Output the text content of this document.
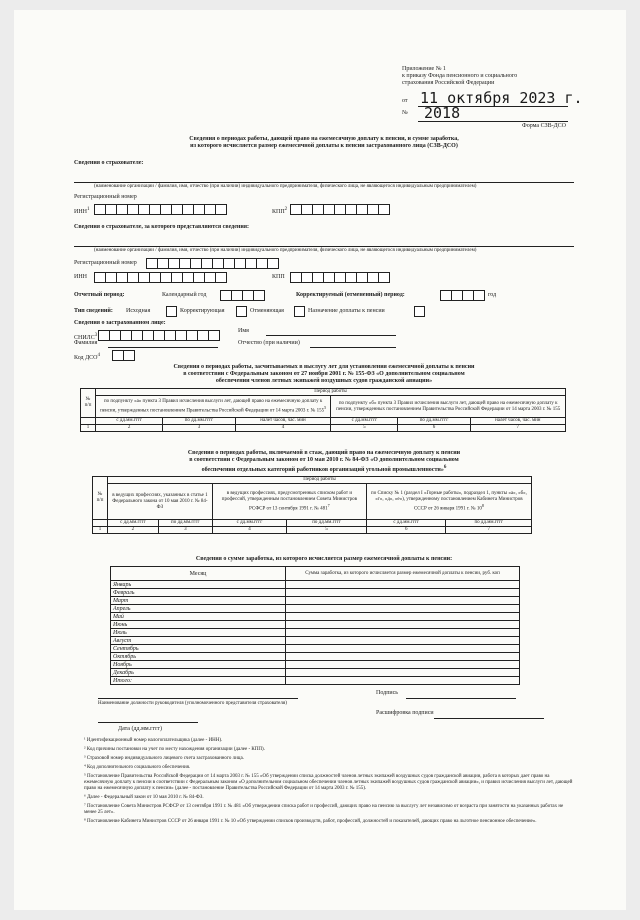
Приложение № 1
к приказу Фонда пенсионного и социального
страхования Российской Федерации
от 11 октября 2023 г.
№ 2018
Форма СЗВ-ДСО
Сведения о периодах работы, дающей право на ежемесячную доплату к пенсии, и сумме заработка,
из которого исчисляется размер ежемесячной доплаты к пенсии застрахованного лица (СЗВ-ДСО)
Сведения о страхователе:
(наименование организации / фамилия, имя, отчество (при наличии) индивидуального предпринимателя, физического лица, не являющегося индивидуальным предпринимателем)
Регистрационный номер
ИНН$^1$	КПП$^2$
Сведения о страхователе, за которого представляются сведения:
(наименование организации / фамилия, имя, отчество (при наличии) индивидуального предпринимателя, физического лица, не являющегося индивидуальным предпринимателем)
Регистрационный номер
ИНН	КПП
Отчетный период:	Календарный год	Корректируемый (отмененный) период:	год
Тип сведений: Исходная	Корректирующая	Отменяющая	Назначение доплаты к пенсии
Сведения о застрахованном лице:
СНИЛС$^3$
Имя
Фамилия	Отчество (при наличии)
Код ДСО$^4$
Сведения о периодах работы, засчитываемых в выслугу лет для установления ежемесячной доплаты к пенсии
в соответствии с Федеральным законом от 27 ноября 2001 г. № 155-ФЗ «О дополнительном социальном
обеспечении членов летных экипажей воздушных судов гражданской авиации»
№ п/п	Период работы					
	по подпункту «а» пункта 3 Правил исчисления выслуги лет, дающей право на ежемесячную доплату к пенсии, утвержденных постановлением Правительства Российской Федерации от 14 марта 2003 г. № $155^5$			по подпункту «б» пункта 3 Правил исчисления выслуги лет, дающей право на ежемесячную доплату к пенсии, утвержденных постановлением Правительства Российской Федерации от 14 марта 2003 г. № 155		
	с дд.мм.гггг	по дд.мм.гггг	налет часов, час. мин	с дд.мм.гггг	по дд.мм.гггг	налет часов, час. мин
1	2	3	4	5	6	7
Сведения о периодах работы, включаемой в стаж, дающий право на ежемесячную доплату к пенсии
в соответствии с Федеральным законом от 10 мая 2010 г. № 84-ФЗ «О дополнительном социальном
обеспечении отдельных категорий работников организаций угольной промышленности»$^6$
№ п/п	Период работы					
	в ведущих профессиях, указанных в статье 1 Федерального закона от 10 мая 2010 г. № 84-ФЗ		в ведущих профессиях, предусмотренных списком работ и профессий, утвержденным постановлением Совета Министров РСФСР от 13 сентября 1991 г. № $481^7$		по Списку № 1 (раздел I «Горные работы», подраздел 1, пункты «а», «б», «г», «д», «е»), утвержденному постановлением Кабинета Министров СССР от 26 января 1991 г. № $10^8$
	с дд.мм.гггг	по дд.мм.гггг	с дд.мм.гггг	по дд.мм.гггг	с дд.мм.гггг	по дд.мм.гггг
1	2	3	4	5	6	7
Сведения о сумме заработка, из которого исчисляется размер ежемесячной доплаты к пенсии:
Месяц	Сумма заработка, из которого исчисляется размер ежемесячной доплаты к пенсии, руб. коп
Январь	
Февраль	
Март	
Апрель	
Май	
Июнь	
Июль	
Август	
Сентябрь	
Октябрь	
Ноябрь	
Декабрь	
Итого:	
Наименование должности руководителя (уполномоченного представителя страхователя)
Подпись
Расшифровка подписи
Дата (дд.мм.гггг)
¹ Идентификационный номер налогоплательщика (далее - ИНН).
² Код причины постановки на учет по месту нахождения организации (далее - КПП).
³ Страховой номер индивидуального лицевого счета застрахованного лица.
⁴ Код дополнительного социального обеспечения.
⁵ Постановление Правительства Российской Федерации от 14 марта 2003 г. № 155 «Об утверждении списка должностей членов летных экипажей воздушных судов гражданской авиации, работа в которых дает право на ежемесячную доплату к пенсии в соответствии с Федеральным законом «О дополнительном социальном обеспечении членов летных экипажей воздушных судов гражданской авиации», и правил исчисления выслуги лет, дающей право на ежемесячную доплату к пенсии» (далее - постановление Правительства Российской Федерации от 14 марта 2003 г. № 155).
⁶ Далее - Федеральный закон от 10 мая 2010 г. № 84-ФЗ.
⁷ Постановление Совета Министров РСФСР от 13 сентября 1991 г. № 481 «Об утверждении списка работ и профессий, дающих право на пенсию за выслугу лет независимо от возраста при занятости на указанных работах не менее 25 лет».
⁸ Постановление Кабинета Министров СССР от 26 января 1991 г. № 10 «Об утверждении списков производств, работ, профессий, должностей и показателей, дающих право на льготное пенсионное обеспечение».
